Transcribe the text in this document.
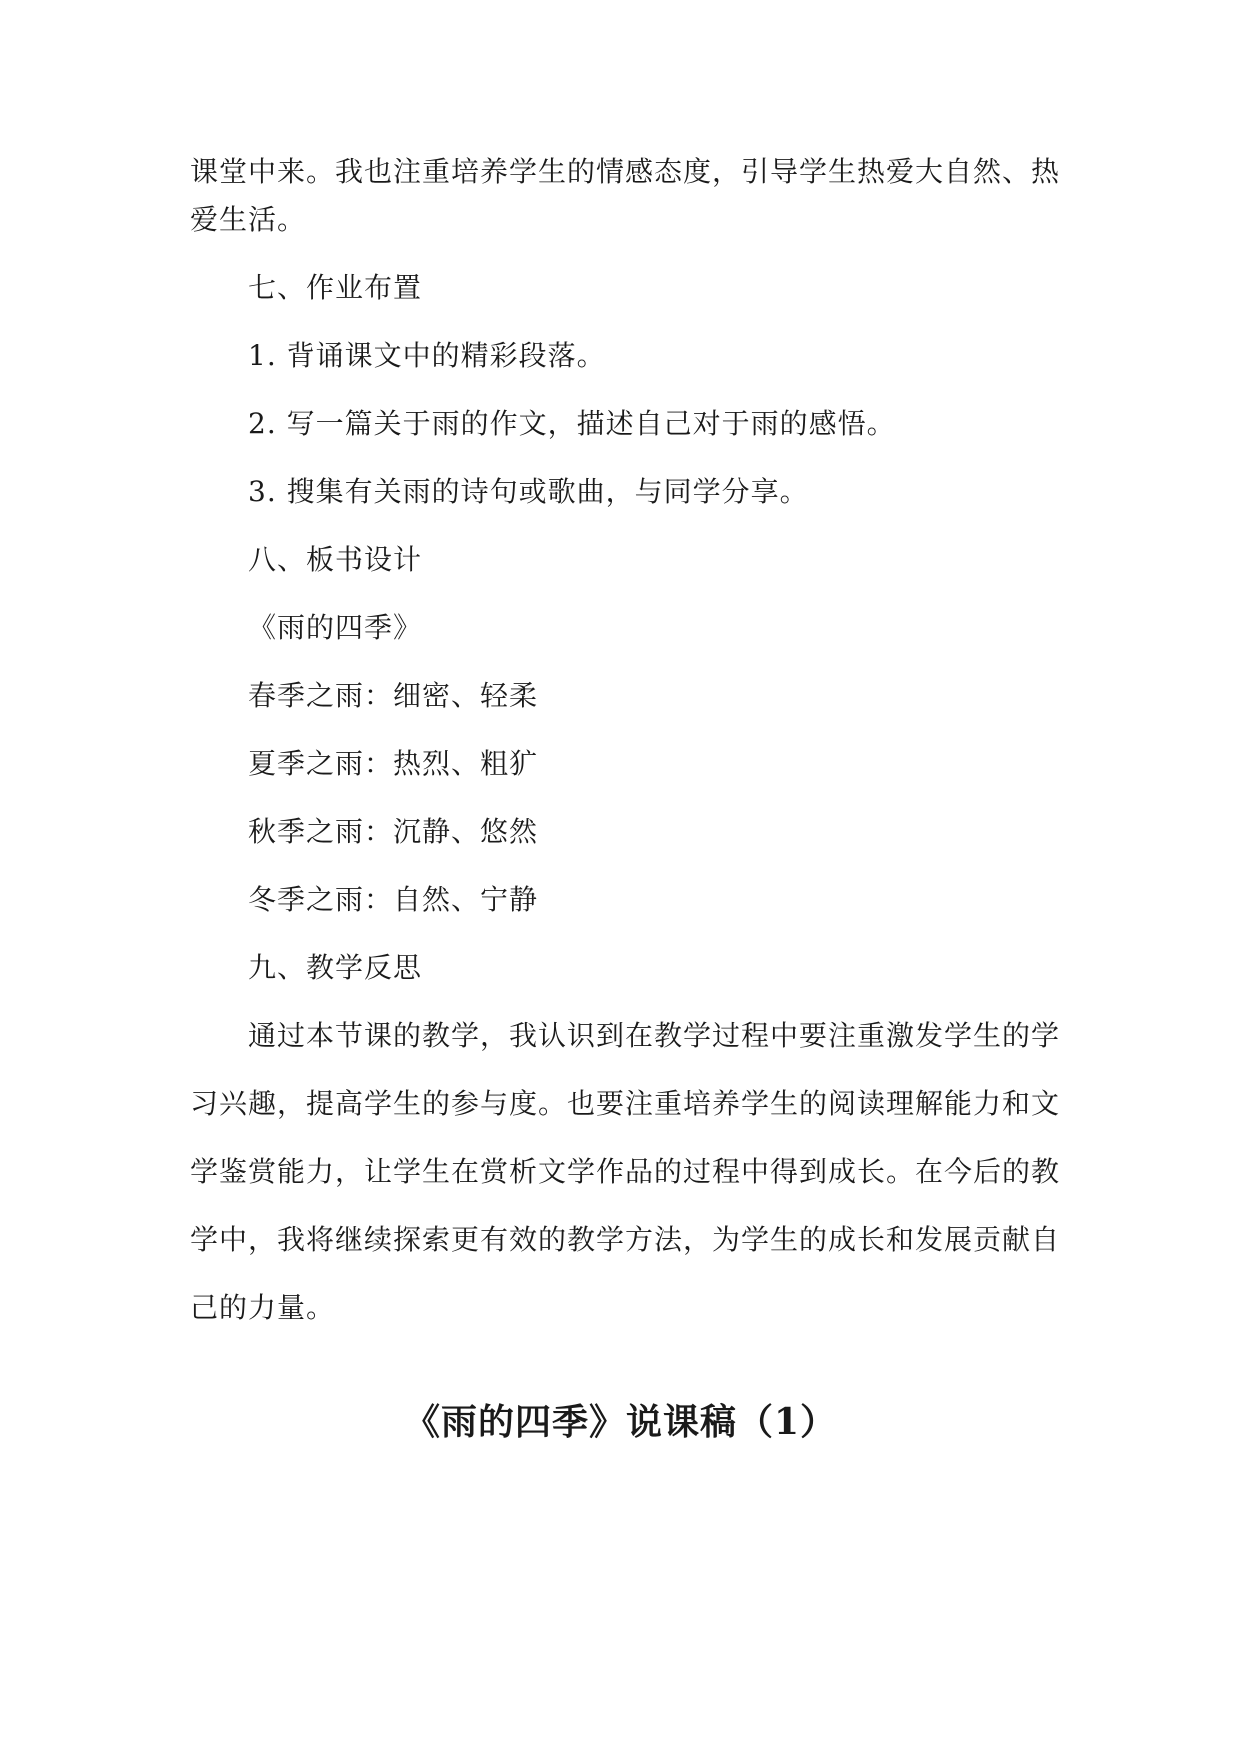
课堂中来。我也注重培养学生的情感态度，引导学生热爱大自然、热
爱生活。
七、作业布置
1. 背诵课文中的精彩段落。
2. 写一篇关于雨的作文，描述自己对于雨的感悟。
3. 搜集有关雨的诗句或歌曲，与同学分享。
八、板书设计
《雨的四季》
春季之雨：细密、轻柔
夏季之雨：热烈、粗犷
秋季之雨：沉静、悠然
冬季之雨：自然、宁静
九、教学反思
通过本节课的教学，我认识到在教学过程中要注重激发学生的学
习兴趣，提高学生的参与度。也要注重培养学生的阅读理解能力和文
学鉴赏能力，让学生在赏析文学作品的过程中得到成长。在今后的教
学中，我将继续探索更有效的教学方法，为学生的成长和发展贡献自
己的力量。
《雨的四季》说课稿（1）
